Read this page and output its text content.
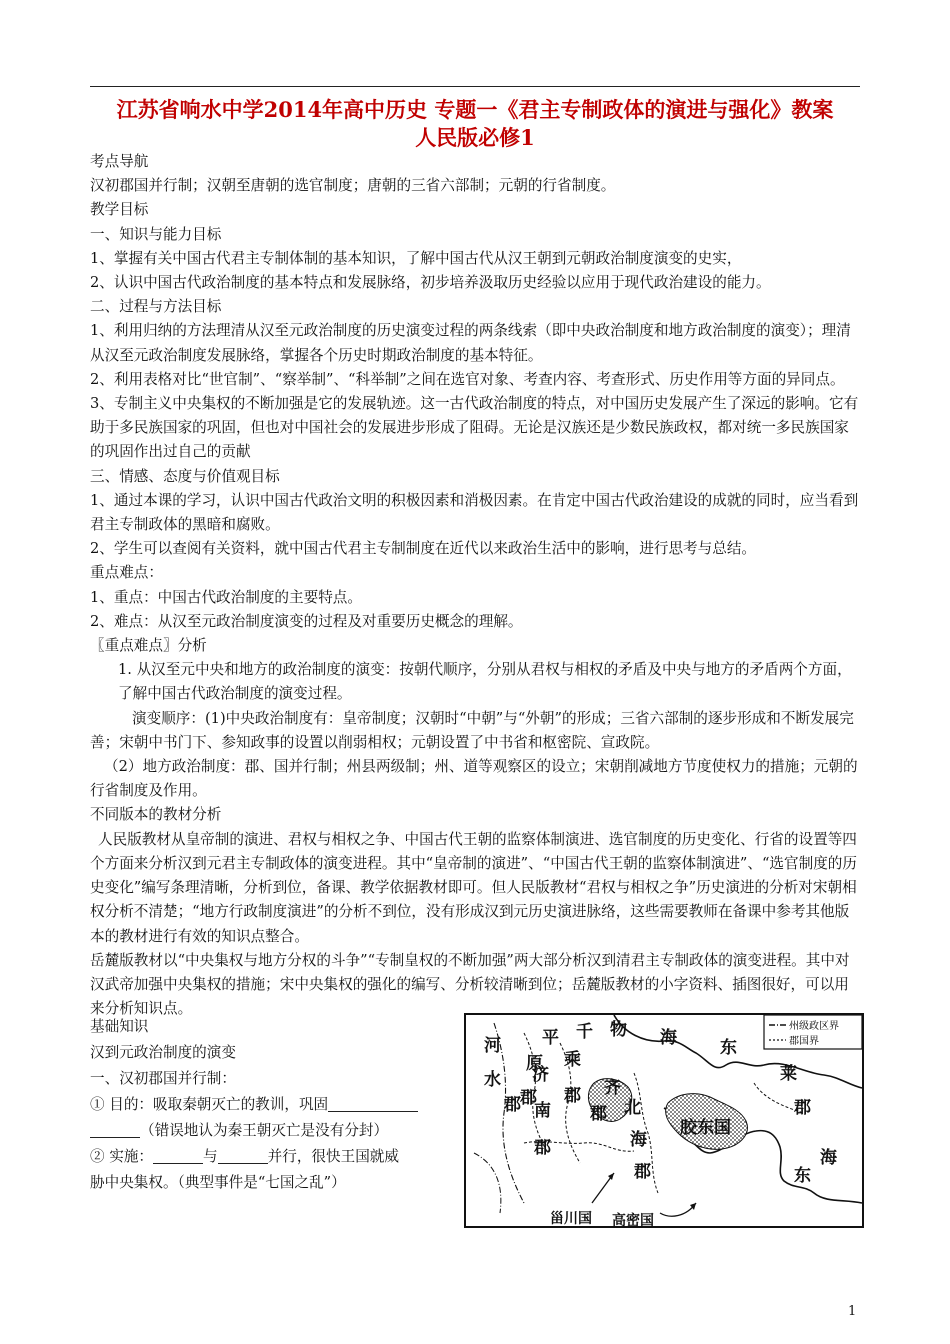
江苏省响水中学2014年高中历史 专题一《君主专制政体的演进与强化》教案
人民版必修1

考点导航

汉初郡国并行制；汉朝至唐朝的选官制度；唐朝的三省六部制；元朝的行省制度。

教学目标

一、知识与能力目标

1、掌握有关中国古代君主专制体制的基本知识，了解中国古代从汉王朝到元朝政治制度演变的史实，

2、认识中国古代政治制度的基本特点和发展脉络，初步培养汲取历史经验以应用于现代政治建设的能力。

二、过程与方法目标

1、利用归纳的方法理清从汉至元政治制度的历史演变过程的两条线索（即中央政治制度和地方政治制度的演变）；理清从汉至元政治制度发展脉络，掌握各个历史时期政治制度的基本特征。

2、利用表格对比“世官制”、“察举制”、“科举制”之间在选官对象、考查内容、考查形式、历史作用等方面的异同点。

3、专制主义中央集权的不断加强是它的发展轨迹。这一古代政治制度的特点，对中国历史发展产生了深远的影响。它有助于多民族国家的巩固，但也对中国社会的发展进步形成了阻碍。无论是汉族还是少数民族政权，都对统一多民族国家的巩固作出过自己的贡献

三、情感、态度与价值观目标

1、通过本课的学习，认识中国古代政治文明的积极因素和消极因素。在肯定中国古代政治建设的成就的同时，应当看到君主专制政体的黑暗和腐败。

2、学生可以查阅有关资料，就中国古代君主专制制度在近代以来政治生活中的影响，进行思考与总结。

重点难点：

1、重点：中国古代政治制度的主要特点。

2、难点：从汉至元政治制度演变的过程及对重要历史概念的理解。

〖重点难点〗分析

1. 从汉至元中央和地方的政治制度的演变：按朝代顺序，分别从君权与相权的矛盾及中央与地方的矛盾两个方面，了解中国古代政治制度的演变过程。

演变顺序：(1)中央政治制度有：皇帝制度；汉朝时“中朝”与“外朝”的形成；三省六部制的逐步形成和不断发展完善；宋朝中书门下、参知政事的设置以削弱相权；元朝设置了中书省和枢密院、宣政院。

（2）地方政治制度：郡、国并行制；州县两级制；州、道等观察区的设立；宋朝削减地方节度使权力的措施；元朝的行省制度及作用。

不同版本的教材分析

人民版教材从皇帝制的演进、君权与相权之争、中国古代王朝的监察体制演进、选官制度的历史变化、行省的设置等四个方面来分析汉到元君主专制政体的演变进程。其中“皇帝制的演进”、“中国古代王朝的监察体制演进”、“选官制度的历史变化”编写条理清晰，分析到位，备课、教学依据教材即可。但人民版教材“君权与相权之争”历史演进的分析对宋朝相权分析不清楚；“地方行政制度演进”的分析不到位，没有形成汉到元历史演进脉络，这些需要教师在备课中参考其他版本的教材进行有效的知识点整合。

岳麓版教材以“中央集权与地方分权的斗争”“专制皇权的不断加强”两大部分析汉到清君主专制政体的演变进程。其中对汉武帝加强中央集权的措施；宋中央集权的强化的编写、分析较清晰到位；岳麓版教材的小字资料、插图很好，可以用来分析知识点。

基础知识

汉到元政治制度的演变

一、汉初郡国并行制：

① 目的：吸取秦朝灭亡的教训，巩固

（错误地认为秦王朝灭亡是没有分封）

② 实施：	与	并行，很快王国就威

胁中央集权。（典型事件是“七国之乱”）

州级政区界
郡国界
河
水
郡
平
原
郡
济
南
郡
千
乘
郡 齐
北
海
郡
郡
物 海	东
莱
郡
胶东国
东
海
甾川国 高密国
1
